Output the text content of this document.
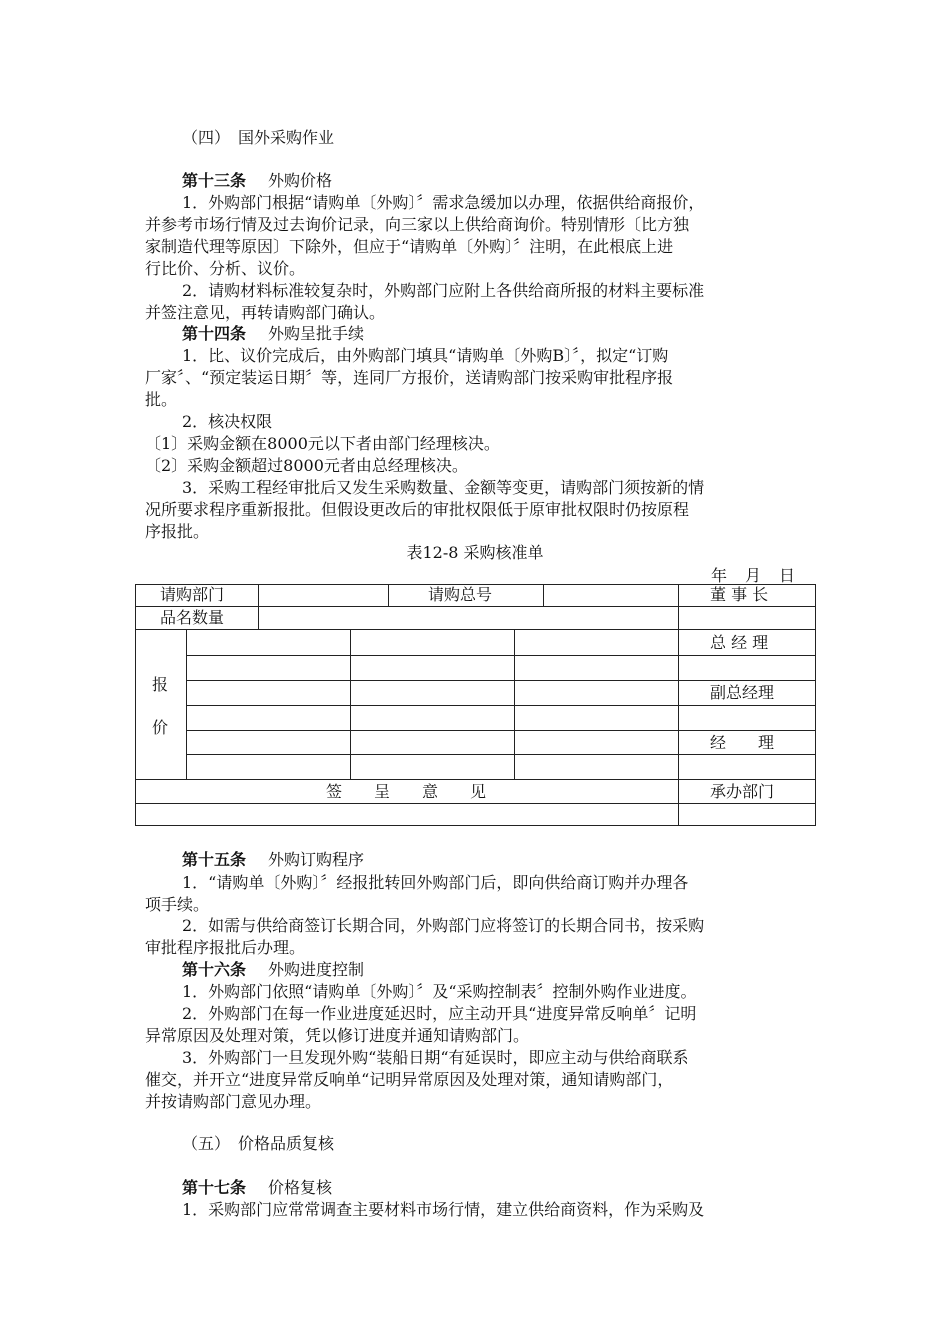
（四）　国外采购作业
第十三条 外购价格
1．外购部门根据“请购单〔外购〕〞需求急缓加以办理，依据供给商报价，
并参考市场行情及过去询价记录，向三家以上供给商询价。特别情形〔比方独
家制造代理等原因〕下除外，但应于“请购单〔外购〕〞注明，在此根底上进
行比价、分析、议价。
2．请购材料标准较复杂时，外购部门应附上各供给商所报的材料主要标准
并签注意见，再转请购部门确认。
第十四条 外购呈批手续
1．比、议价完成后，由外购部门填具“请购单〔外购B〕〞，拟定“订购
厂家〞、“预定装运日期〞等，连同厂方报价，送请购部门按采购审批程序报
批。
2．核决权限
〔1〕采购金额在8000元以下者由部门经理核决。
〔2〕采购金额超过8000元者由总经理核决。
3．采购工程经审批后又发生采购数量、金额等变更，请购部门须按新的情
况所要求程序重新报批。但假设更改后的审批权限低于原审批权限时仍按原程
序报批。
表12-8 采购核准单
年 月 日
请购部门	请购总号	董 事 长
品名数量
总 经 理
报
价
副总经理
经　　理
签　　呈　　意　　见	承办部门
第十五条 外购订购程序
1．“请购单〔外购〕〞经报批转回外购部门后，即向供给商订购并办理各
项手续。
2．如需与供给商签订长期合同，外购部门应将签订的长期合同书，按采购
审批程序报批后办理。
第十六条 外购进度控制
1．外购部门依照“请购单〔外购〕〞及“采购控制表〞控制外购作业进度。
2．外购部门在每一作业进度延迟时，应主动开具“进度异常反响单〞记明
异常原因及处理对策，凭以修订进度并通知请购部门。
3．外购部门一旦发现外购“装船日期“有延误时，即应主动与供给商联系
催交，并开立“进度异常反响单“记明异常原因及处理对策，通知请购部门，
并按请购部门意见办理。
（五）　价格品质复核
第十七条 价格复核
1．采购部门应常常调查主要材料市场行情，建立供给商资料，作为采购及
